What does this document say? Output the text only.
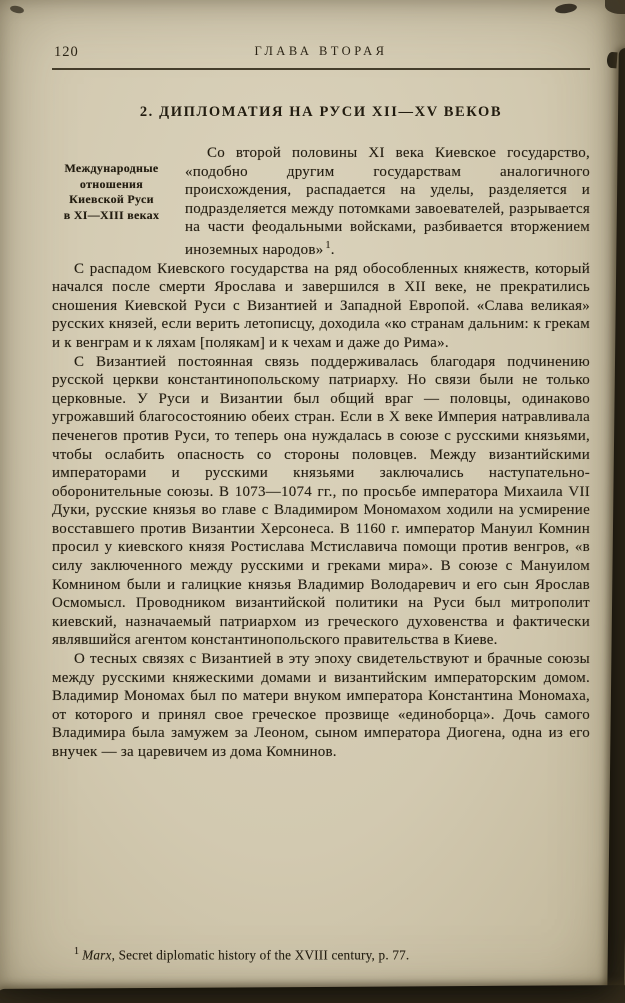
120	ГЛАВА ВТОРАЯ
2. ДИПЛОМАТИЯ НА РУСИ XII—XV ВЕКОВ

Международные
отношения
Киевской Руси
в XI—XIII веках
Со второй половины XI века Киевское государство, «подобно другим государствам аналогичного происхождения, распадается на уделы, разделяется и подразделяется между потомками завоевателей, разрывается на части феодальными войсками, разбивается вторжением иноземных народов» $^1$.

С распадом Киевского государства на ряд обособленных княжеств, который начался после смерти Ярослава и завершился в XII веке, не прекратились сношения Киевской Руси с Византией и Западной Европой. «Слава великая» русских князей, если верить летописцу, доходила «ко странам дальним: к грекам и к венграм и к ляхам [полякам] и к чехам и даже до Рима».

С Византией постоянная связь поддерживалась благодаря подчинению русской церкви константинопольскому патриарху. Но связи были не только церковные. У Руси и Византии был общий враг — половцы, одинаково угрожавший благосостоянию обеих стран. Если в X веке Империя натравливала печенегов против Руси, то теперь она нуждалась в союзе с русскими князьями, чтобы ослабить опасность со стороны половцев. Между византийскими императорами и русскими князьями заключались наступательно-оборонительные союзы. В 1073—1074 гг., по просьбе императора Михаила VII Дуки, русские князья во главе с Владимиром Мономахом ходили на усмирение восставшего против Византии Херсонеса. В 1160 г. император Мануил Комнин просил у киевского князя Ростислава Мстиславича помощи против венгров, «в силу заключенного между русскими и греками мира». В союзе с Мануилом Комнином были и галицкие князья Владимир Володаревич и его сын Ярослав Осмомысл. Проводником византийской политики на Руси был митрополит киевский, назначаемый патриархом из греческого духовенства и фактически являвшийся агентом константинопольского правительства в Киеве.

О тесных связях с Византией в эту эпоху свидетельствуют и брачные союзы между русскими княжескими домами и византийским императорским домом. Владимир Мономах был по матери внуком императора Константина Мономаха, от которого и принял свое греческое прозвище «единоборца». Дочь самого Владимира была замужем за Леоном, сыном императора Диогена, одна из его внучек — за царевичем из дома Комнинов.

$^1$ Marx, Secret diplomatic history of the XVIII century, p. 77.
